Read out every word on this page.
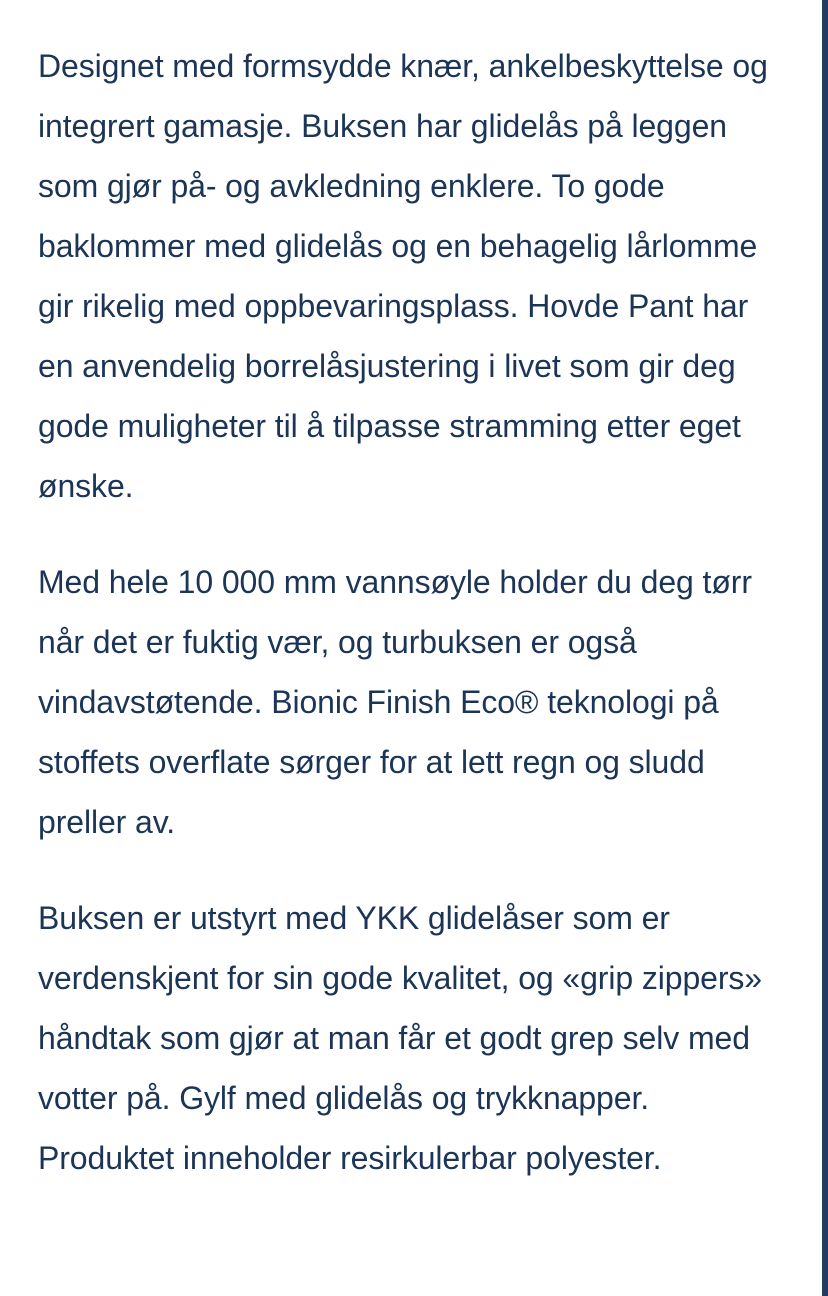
Designet med formsydde knær, ankelbeskyttelse og integrert gamasje. Buksen har glidelås på leggen som gjør på- og avkledning enklere. To gode baklommer med glidelås og en behagelig lårlomme gir rikelig med oppbevaringsplass. Hovde Pant har en anvendelig borrelåsjustering i livet som gir deg gode muligheter til å tilpasse stramming etter eget ønske.

Med hele 10 000 mm vannsøyle holder du deg tørr når det er fuktig vær, og turbuksen er også vindavstøtende. Bionic Finish Eco® teknologi på stoffets overflate sørger for at lett regn og sludd preller av.

Buksen er utstyrt med YKK glidelåser som er verdenskjent for sin gode kvalitet, og «grip zippers» håndtak som gjør at man får et godt grep selv med votter på. Gylf med glidelås og trykknapper. Produktet inneholder resirkulerbar polyester.
